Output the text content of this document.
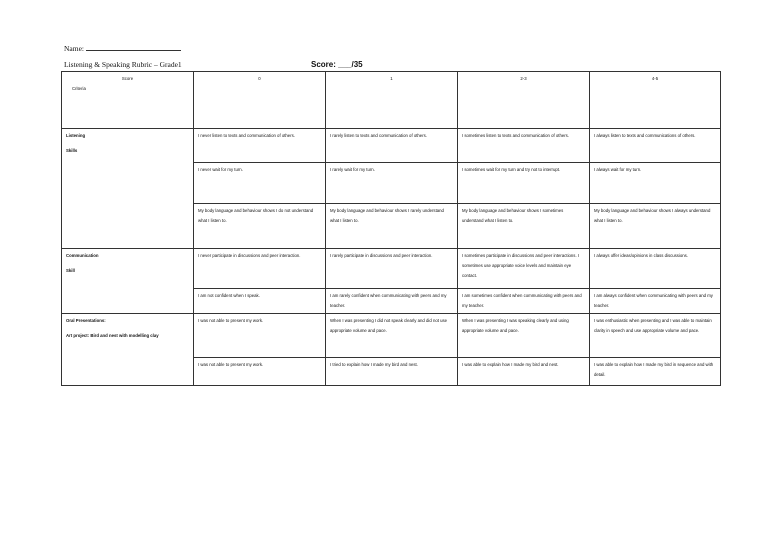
Name:
Listening & Speaking Rubric – Grade1	Score: ___/35
Score
Criteria	0	1	2-3	4-5
Listening
Skills	I never listen to texts and communication of others.	I rarely listen to texts and communication of others.	I sometimes listen to texts and communication of others.	I always listen to texts and communications of others.
	I never wait for my turn.	I rarely wait for my turn.	I sometimes wait for my turn and try not to interrupt.	I always wait for my turn.
	My body language and behaviour shows I do not understand what I listen to.	My body language and behaviour shows I rarely understand what I listen to.	My body language and behaviour shows I sometimes understand what I listen to.	My body language and behaviour shows I always understand what I listen to.
Communication
Skill	I never participate in discussions and peer interaction.	I rarely participate in discussions and peer interaction.	I sometimes participate in discussions and peer interactions. I sometimes use appropriate voice levels and maintain eye contact.	I always offer ideas/opinions in class discussions.
	I am not confident when I speak.	I am rarely confident when communicating with peers and my teacher.	I am sometimes confident when communicating with peers and my teacher.	I am always confident when communicating with peers and my teacher.
Oral Presentations:
Art project: Bird and nest with modelling clay	I was not able to present my work.	When I was presenting I did not speak clearly and did not use appropriate volume and pace.	When I was presenting I was speaking clearly and using appropriate volume and pace.	I was enthusiastic when presenting and I was able to maintain clarity in speech and use appropriate volume and pace.
	I was not able to present my work.	I tried to explain how I made my bird and nest.	I was able to explain how I made my bird and nest.	I was able to explain how I made my bird in sequence and with detail.
